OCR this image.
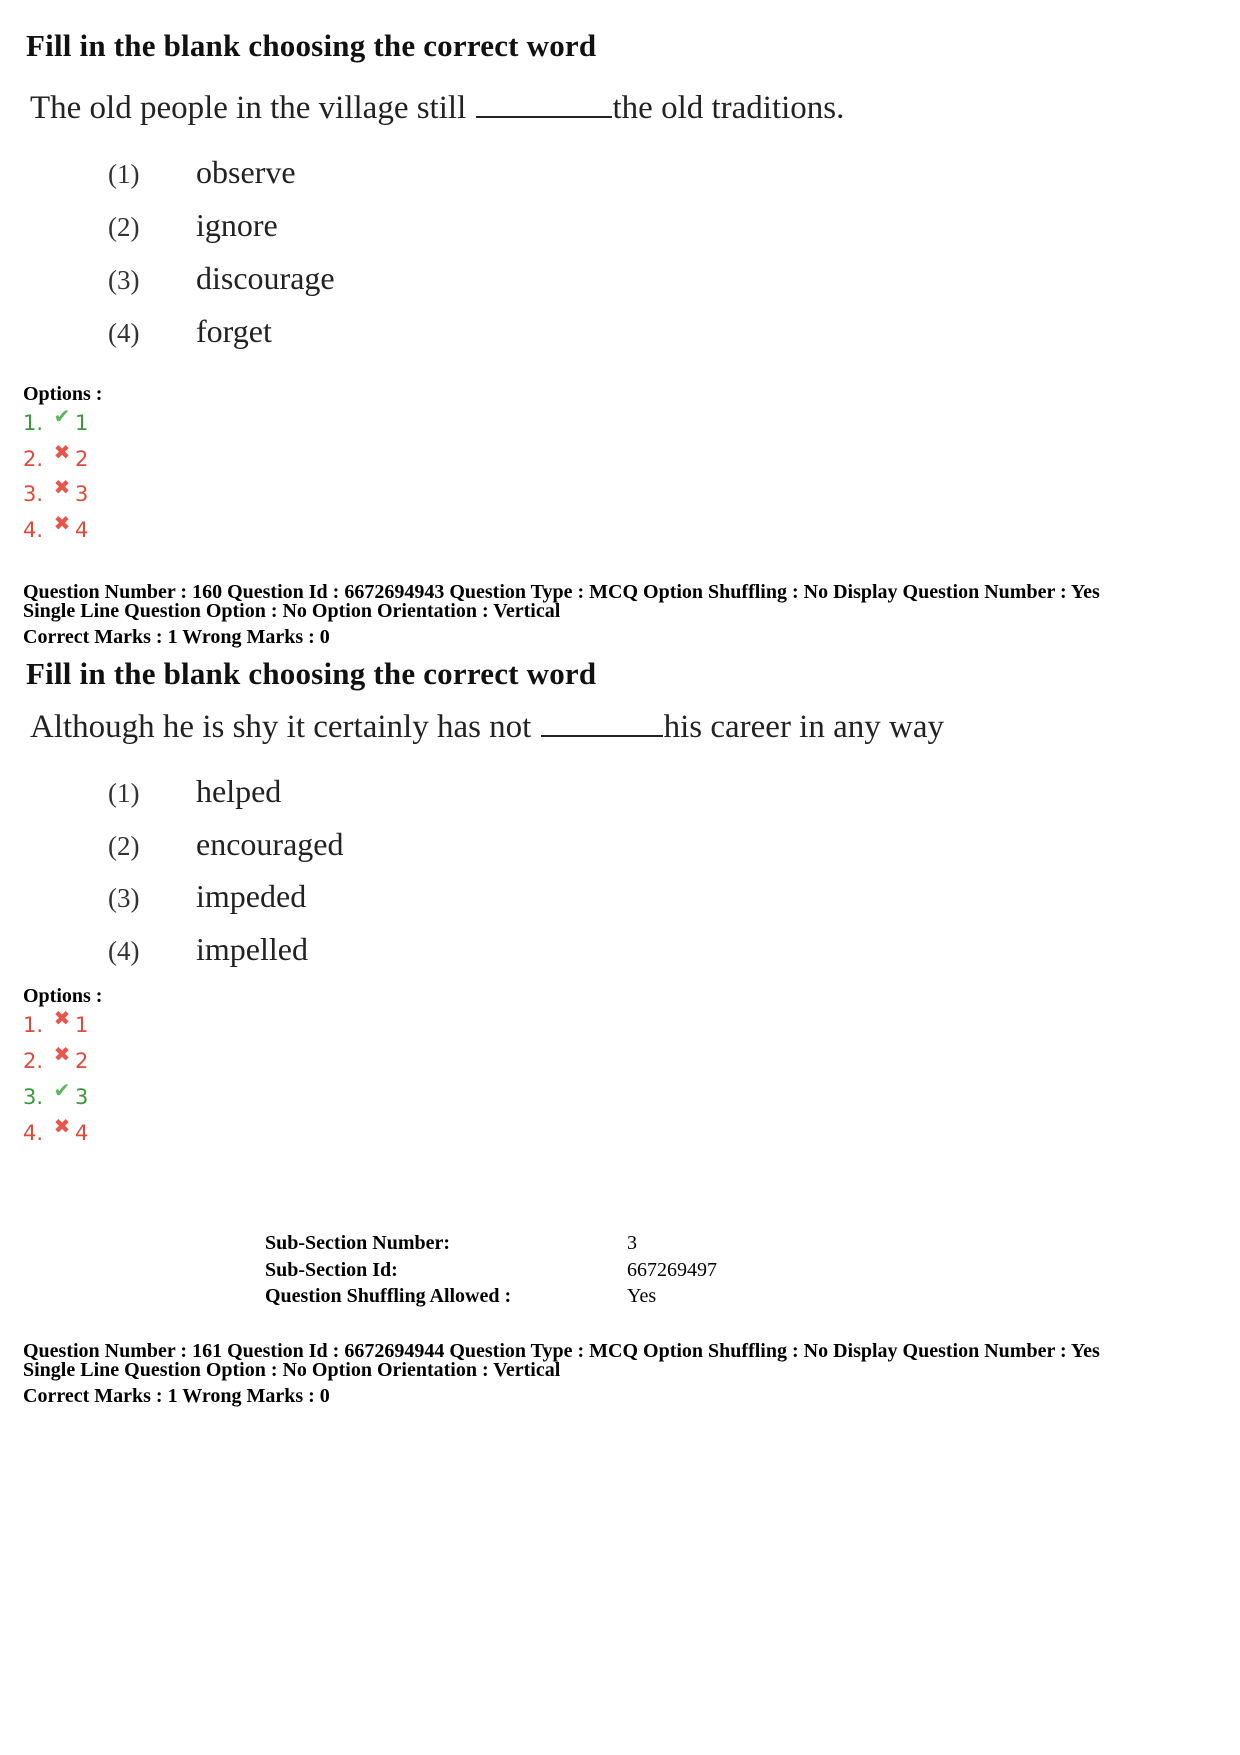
Fill in the blank choosing the correct word
The old people in the village still	the old traditions.
(1) observe
(2) ignore
(3) discourage
(4) forget
Options :
1. ✔ 1
2. ✖ 2
3. ✖ 3
4. ✖ 4
Question Number : 160 Question Id : 6672694943 Question Type : MCQ Option Shuffling : No Display Question Number : Yes
Single Line Question Option : No Option Orientation : Vertical
Correct Marks : 1 Wrong Marks : 0
Fill in the blank choosing the correct word
Although he is shy it certainly has not	his career in any way
(1) helped
(2) encouraged
(3) impeded
(4) impelled
Options :
1. ✖ 1
2. ✖ 2
3. ✔ 3
4. ✖ 4
Sub-Section Number:	3
Sub-Section Id:	667269497
Question Shuffling Allowed :	Yes
Question Number : 161 Question Id : 6672694944 Question Type : MCQ Option Shuffling : No Display Question Number : Yes
Single Line Question Option : No Option Orientation : Vertical
Correct Marks : 1 Wrong Marks : 0
